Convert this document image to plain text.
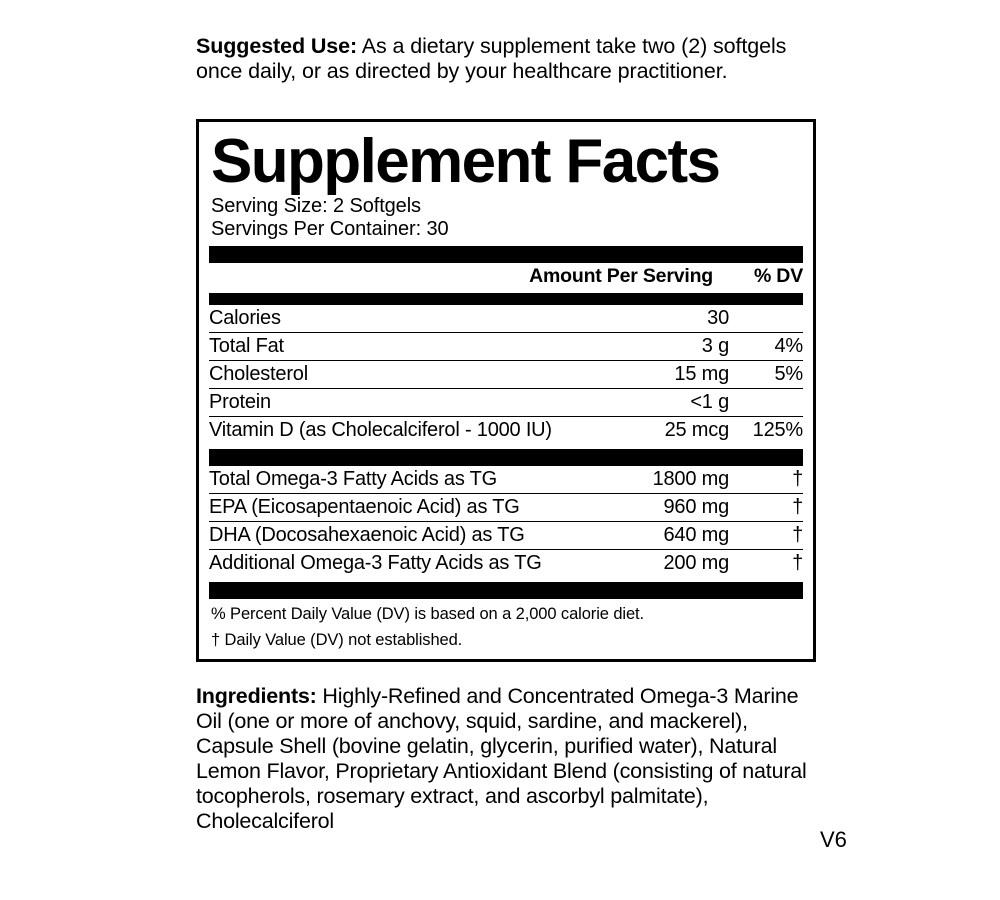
Suggested Use: As a dietary supplement take two (2) softgels once daily, or as directed by your healthcare practitioner.
Supplement Facts
Serving Size: 2 Softgels
Servings Per Container: 30
Amount Per Serving	% DV
Calories	30	
Total Fat	3 g	4%
Cholesterol	15 mg	5%
Protein	<1 g	
Vitamin D (as Cholecalciferol - 1000 IU)	25 mcg	125%
Total Omega-3 Fatty Acids as TG	1800 mg	†
EPA (Eicosapentaenoic Acid) as TG	960 mg	†
DHA (Docosahexaenoic Acid) as TG	640 mg	†
Additional Omega-3 Fatty Acids as TG	200 mg	†
% Percent Daily Value (DV) is based on a 2,000 calorie diet.
† Daily Value (DV) not established.
Ingredients: Highly-Refined and Concentrated Omega-3 Marine Oil (one or more of anchovy, squid, sardine, and mackerel), Capsule Shell (bovine gelatin, glycerin, purified water), Natural Lemon Flavor, Proprietary Antioxidant Blend (consisting of natural tocopherols, rosemary extract, and ascorbyl palmitate), Cholecalciferol
V6
